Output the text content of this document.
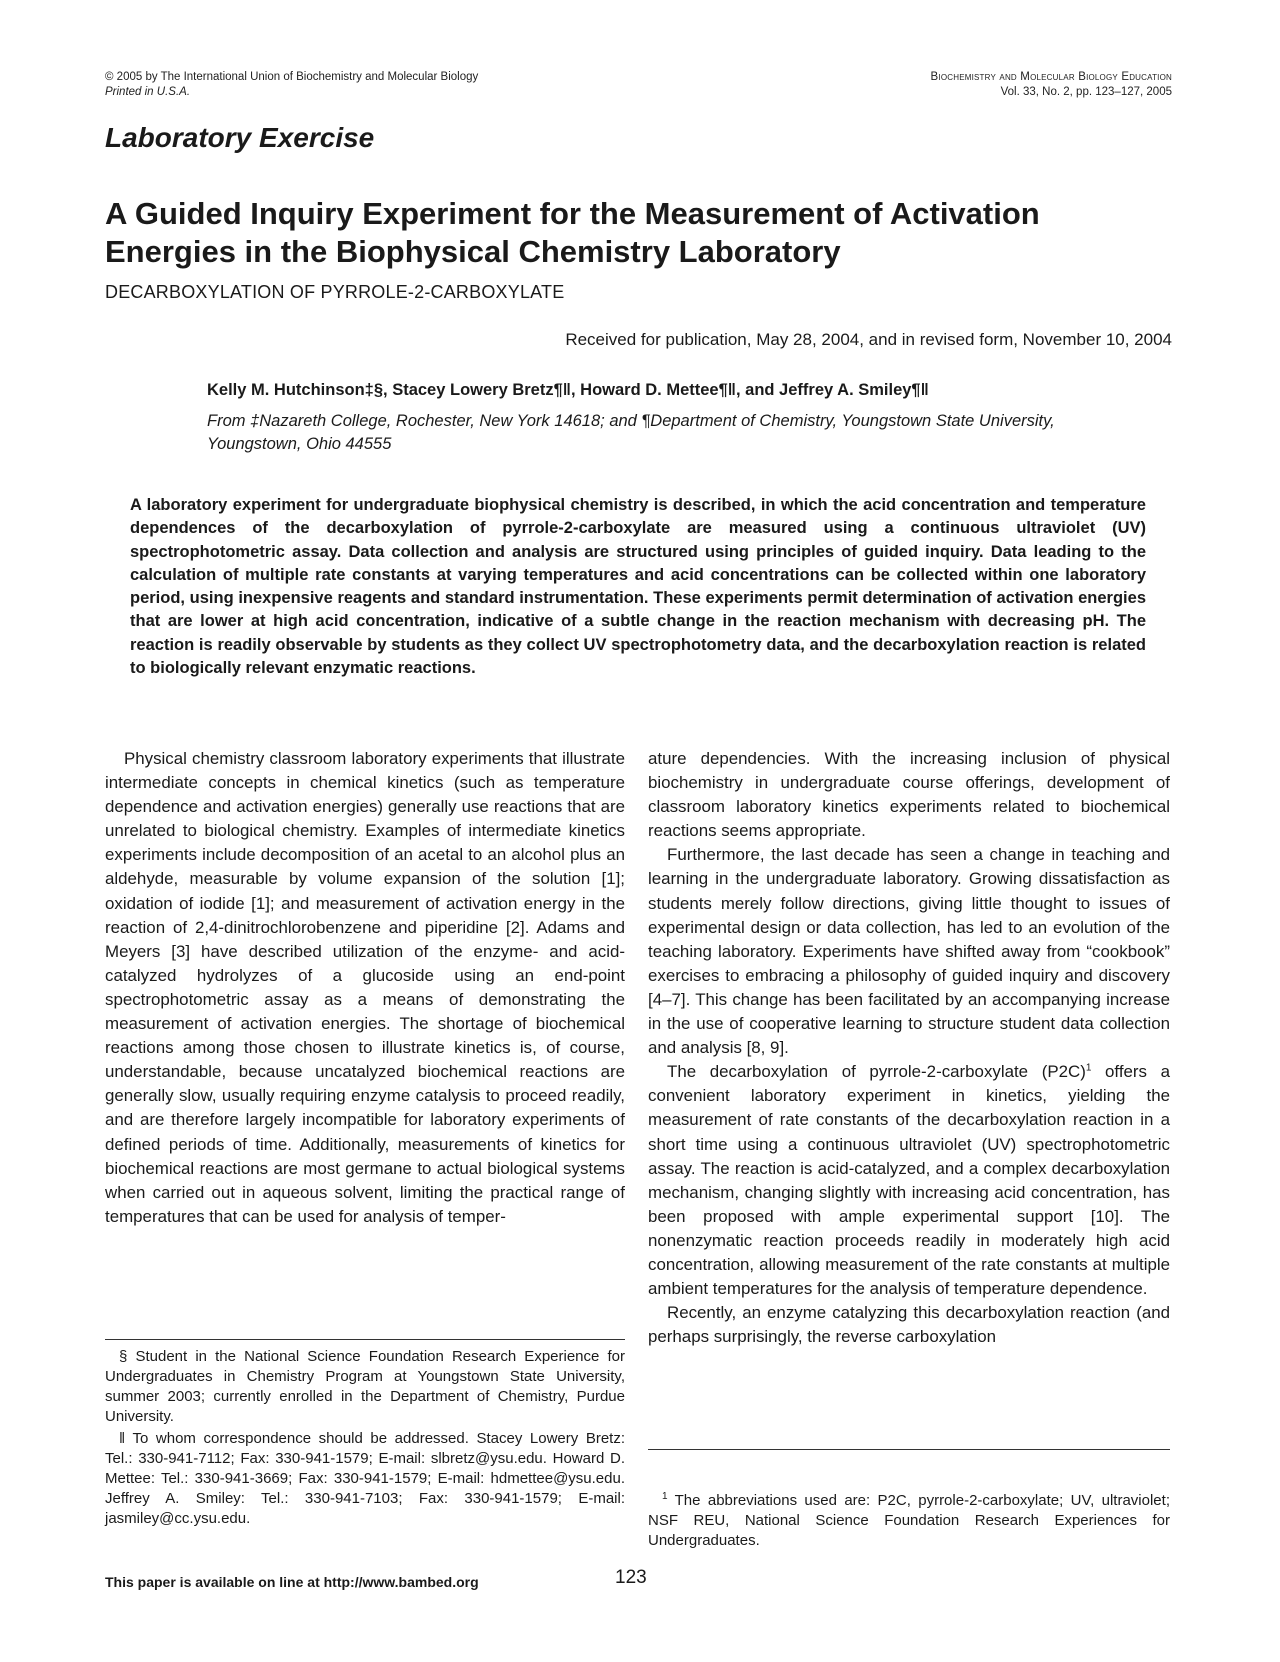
© 2005 by The International Union of Biochemistry and Molecular Biology
Printed in U.S.A.
Biochemistry and Molecular Biology Education
Vol. 33, No. 2, pp. 123–127, 2005
Laboratory Exercise
A Guided Inquiry Experiment for the Measurement of Activation Energies in the Biophysical Chemistry Laboratory
DECARBOXYLATION OF PYRROLE-2-CARBOXYLATE
Received for publication, May 28, 2004, and in revised form, November 10, 2004
Kelly M. Hutchinson‡§, Stacey Lowery Bretz¶‖, Howard D. Mettee¶‖, and Jeffrey A. Smiley¶‖
From ‡Nazareth College, Rochester, New York 14618; and ¶Department of Chemistry, Youngstown State University, Youngstown, Ohio 44555
A laboratory experiment for undergraduate biophysical chemistry is described, in which the acid concentration and temperature dependences of the decarboxylation of pyrrole-2-carboxylate are measured using a continuous ultraviolet (UV) spectrophotometric assay. Data collection and analysis are structured using principles of guided inquiry. Data leading to the calculation of multiple rate constants at varying temperatures and acid concentrations can be collected within one laboratory period, using inexpensive reagents and standard instrumentation. These experiments permit determination of activation energies that are lower at high acid concentration, indicative of a subtle change in the reaction mechanism with decreasing pH. The reaction is readily observable by students as they collect UV spectrophotometry data, and the decarboxylation reaction is related to biologically relevant enzymatic reactions.

Physical chemistry classroom laboratory experiments that illustrate intermediate concepts in chemical kinetics (such as temperature dependence and activation energies) generally use reactions that are unrelated to biological chemistry. Examples of intermediate kinetics experiments include decomposition of an acetal to an alcohol plus an aldehyde, measurable by volume expansion of the solution [1]; oxidation of iodide [1]; and measurement of activation energy in the reaction of 2,4-dinitrochlorobenzene and piperidine [2]. Adams and Meyers [3] have described utilization of the enzyme- and acid-catalyzed hydrolyzes of a glucoside using an end-point spectrophotometric assay as a means of demonstrating the measurement of activation energies. The shortage of biochemical reactions among those chosen to illustrate kinetics is, of course, understandable, because uncatalyzed biochemical reactions are generally slow, usually requiring enzyme catalysis to proceed readily, and are therefore largely incompatible for laboratory experiments of defined periods of time. Additionally, measurements of kinetics for biochemical reactions are most germane to actual biological systems when carried out in aqueous solvent, limiting the practical range of temperatures that can be used for analysis of temper-

ature dependencies. With the increasing inclusion of physical biochemistry in undergraduate course offerings, development of classroom laboratory kinetics experiments related to biochemical reactions seems appropriate.

Furthermore, the last decade has seen a change in teaching and learning in the undergraduate laboratory. Growing dissatisfaction as students merely follow directions, giving little thought to issues of experimental design or data collection, has led to an evolution of the teaching laboratory. Experiments have shifted away from “cookbook” exercises to embracing a philosophy of guided inquiry and discovery [4–7]. This change has been facilitated by an accompanying increase in the use of cooperative learning to structure student data collection and analysis [8, 9].

The decarboxylation of pyrrole-2-carboxylate $(P2C)^1$ offers a convenient laboratory experiment in kinetics, yielding the measurement of rate constants of the decarboxylation reaction in a short time using a continuous ultraviolet (UV) spectrophotometric assay. The reaction is acid-catalyzed, and a complex decarboxylation mechanism, changing slightly with increasing acid concentration, has been proposed with ample experimental support [10]. The nonenzymatic reaction proceeds readily in moderately high acid concentration, allowing measurement of the rate constants at multiple ambient temperatures for the analysis of temperature dependence.

Recently, an enzyme catalyzing this decarboxylation reaction (and perhaps surprisingly, the reverse carboxylation

§ Student in the National Science Foundation Research Experience for Undergraduates in Chemistry Program at Youngstown State University, summer 2003; currently enrolled in the Department of Chemistry, Purdue University.

‖ To whom correspondence should be addressed. Stacey Lowery Bretz: Tel.: 330-941-7112; Fax: 330-941-1579; E-mail: slbretz@ysu.edu. Howard D. Mettee: Tel.: 330-941-3669; Fax: 330-941-1579; E-mail: hdmettee@ysu.edu. Jeffrey A. Smiley: Tel.: 330-941-7103; Fax: 330-941-1579; E-mail: jasmiley@cc.ysu.edu.

$^1$ The abbreviations used are: P2C, pyrrole-2-carboxylate; UV, ultraviolet; NSF REU, National Science Foundation Research Experiences for Undergraduates.

This paper is available on line at http://www.bambed.org	123
